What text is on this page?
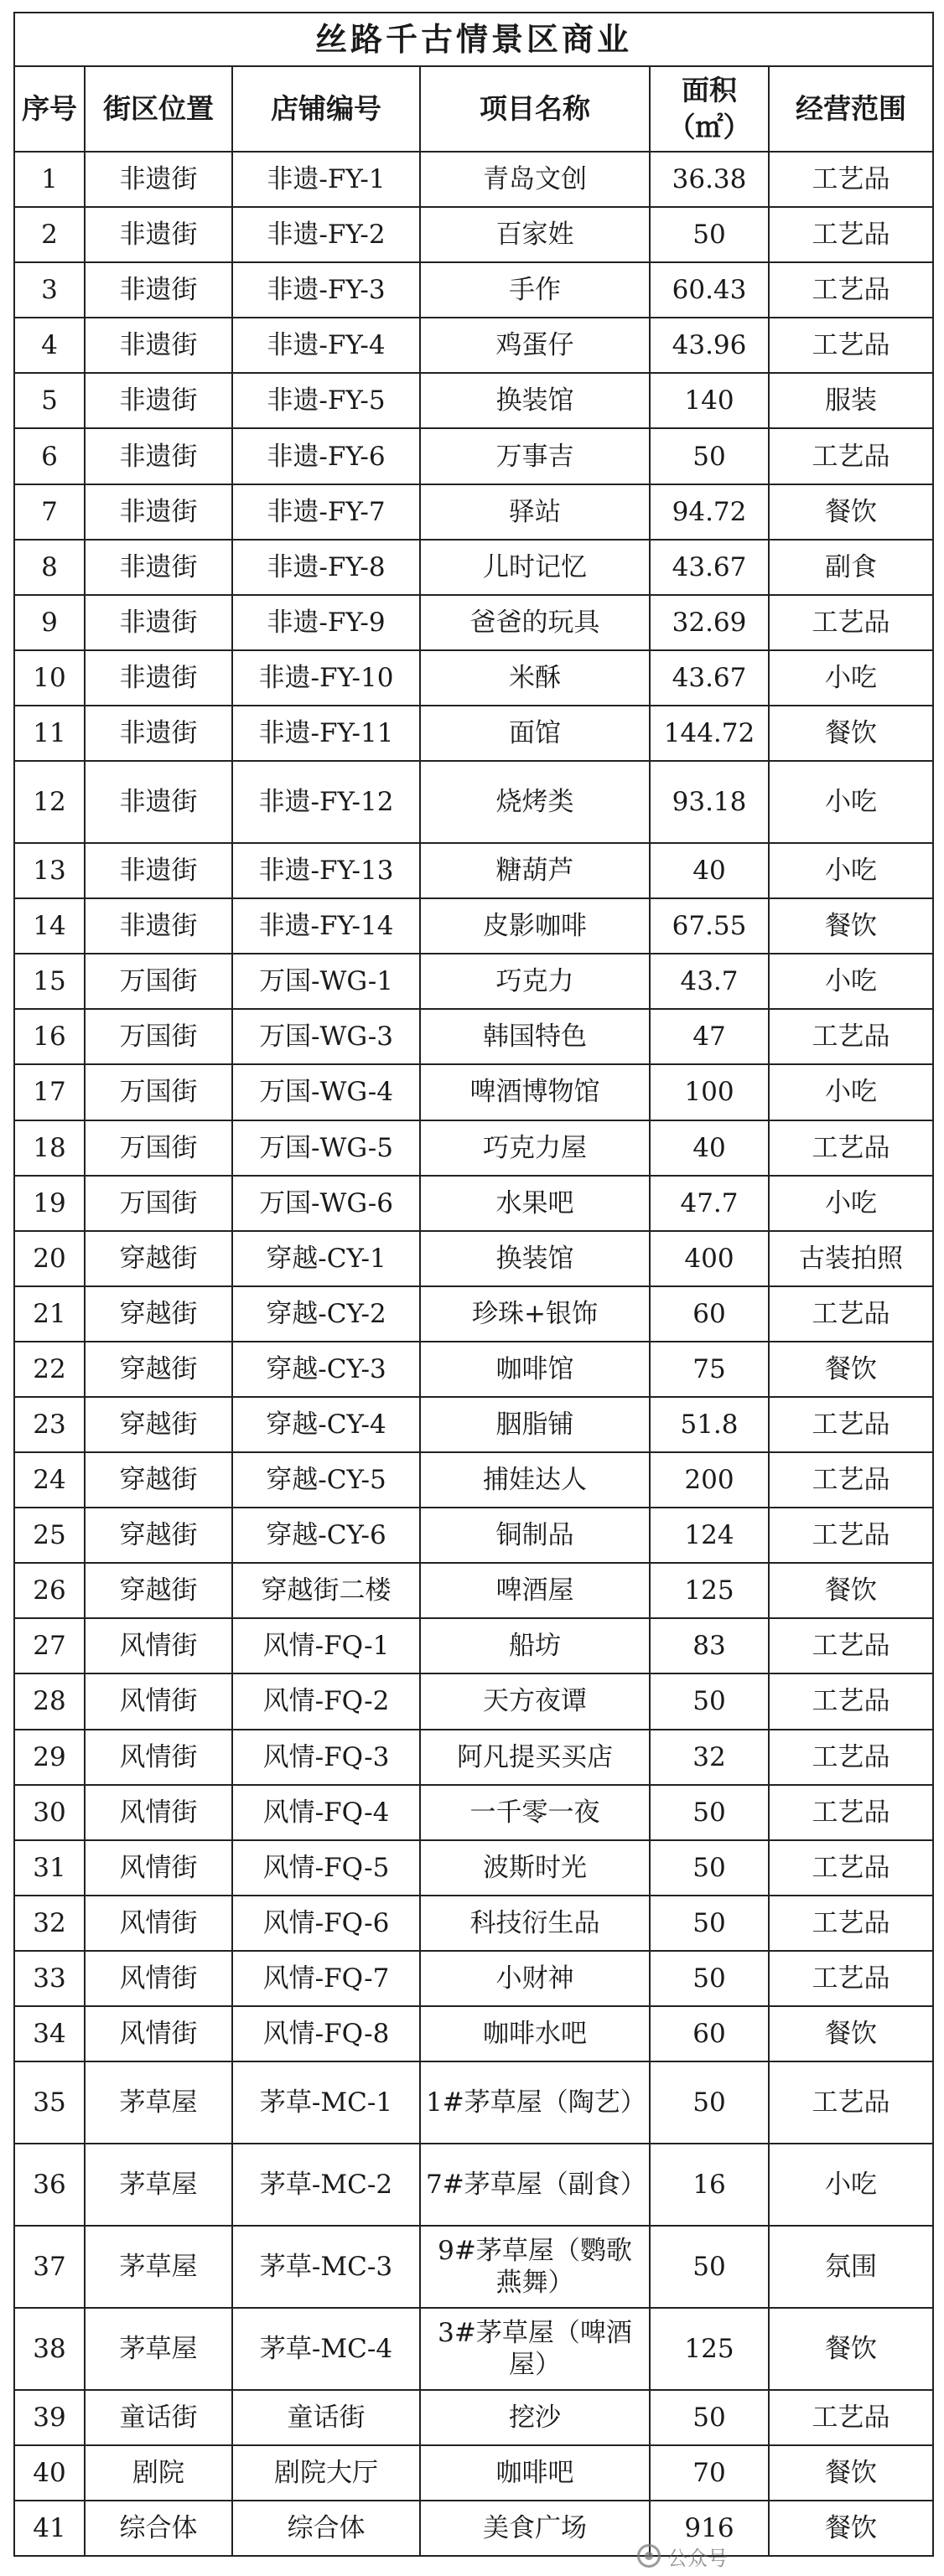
丝路千古情景区商业					
序号	街区位置	店铺编号	项目名称	面积（㎡）	经营范围
1	非遗街	非遗-FY-1	青岛文创	36.38	工艺品
2	非遗街	非遗-FY-2	百家姓	50	工艺品
3	非遗街	非遗-FY-3	手作	60.43	工艺品
4	非遗街	非遗-FY-4	鸡蛋仔	43.96	工艺品
5	非遗街	非遗-FY-5	换装馆	140	服装
6	非遗街	非遗-FY-6	万事吉	50	工艺品
7	非遗街	非遗-FY-7	驿站	94.72	餐饮
8	非遗街	非遗-FY-8	儿时记忆	43.67	副食
9	非遗街	非遗-FY-9	爸爸的玩具	32.69	工艺品
10	非遗街	非遗-FY-10	米酥	43.67	小吃
11	非遗街	非遗-FY-11	面馆	144.72	餐饮
12	非遗街	非遗-FY-12	烧烤类	93.18	小吃
13	非遗街	非遗-FY-13	糖葫芦	40	小吃
14	非遗街	非遗-FY-14	皮影咖啡	67.55	餐饮
15	万国街	万国-WG-1	巧克力	43.7	小吃
16	万国街	万国-WG-3	韩国特色	47	工艺品
17	万国街	万国-WG-4	啤酒博物馆	100	小吃
18	万国街	万国-WG-5	巧克力屋	40	工艺品
19	万国街	万国-WG-6	水果吧	47.7	小吃
20	穿越街	穿越-CY-1	换装馆	400	古装拍照
21	穿越街	穿越-CY-2	珍珠+银饰	60	工艺品
22	穿越街	穿越-CY-3	咖啡馆	75	餐饮
23	穿越街	穿越-CY-4	胭脂铺	51.8	工艺品
24	穿越街	穿越-CY-5	捕娃达人	200	工艺品
25	穿越街	穿越-CY-6	铜制品	124	工艺品
26	穿越街	穿越街二楼	啤酒屋	125	餐饮
27	风情街	风情-FQ-1	船坊	83	工艺品
28	风情街	风情-FQ-2	天方夜谭	50	工艺品
29	风情街	风情-FQ-3	阿凡提买买店	32	工艺品
30	风情街	风情-FQ-4	一千零一夜	50	工艺品
31	风情街	风情-FQ-5	波斯时光	50	工艺品
32	风情街	风情-FQ-6	科技衍生品	50	工艺品
33	风情街	风情-FQ-7	小财神	50	工艺品
34	风情街	风情-FQ-8	咖啡水吧	60	餐饮
35	茅草屋	茅草-MC-1	1#茅草屋（陶艺）	50	工艺品
36	茅草屋	茅草-MC-2	7#茅草屋（副食）	16	小吃
37	茅草屋	茅草-MC-3	9#茅草屋（鹦歌燕舞）	50	氛围
38	茅草屋	茅草-MC-4	3#茅草屋（啤酒屋）	125	餐饮
39	童话街	童话街	挖沙	50	工艺品
40	剧院	剧院大厅	咖啡吧	70	餐饮
41	综合体	综合体	美食广场	916	餐饮
公众号
